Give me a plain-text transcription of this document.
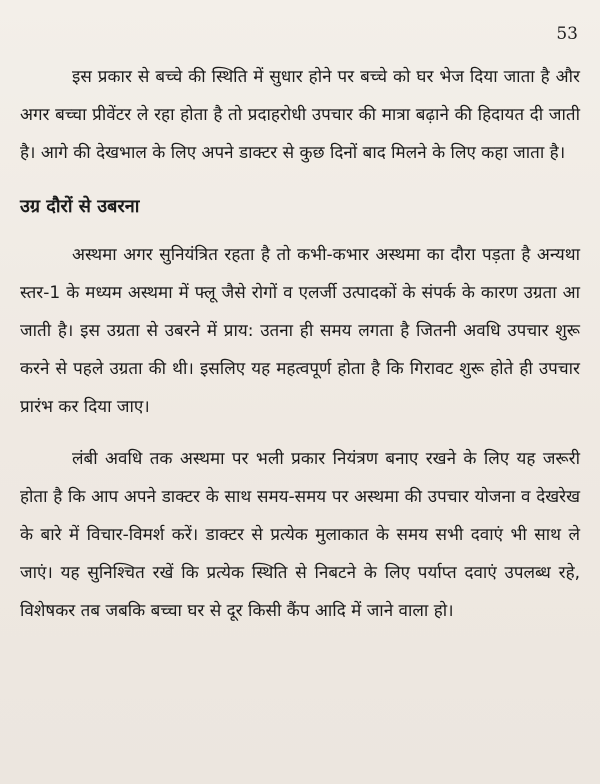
53

इस प्रकार से बच्चे की स्थिति में सुधार होने पर बच्चे को घर भेज दिया जाता है और अगर बच्चा प्रीवेंटर ले रहा होता है तो प्रदाहरोधी उपचार की मात्रा बढ़ाने की हिदायत दी जाती है। आगे की देखभाल के लिए अपने डाक्टर से कुछ दिनों बाद मिलने के लिए कहा जाता है।

उग्र दौरों से उबरना

अस्थमा अगर सुनियंत्रित रहता है तो कभी-कभार अस्थमा का दौरा पड़ता है अन्यथा स्तर-1 के मध्यम अस्थमा में फ्लू जैसे रोगों व एलर्जी उत्पादकों के संपर्क के कारण उग्रता आ जाती है। इस उग्रता से उबरने में प्राय: उतना ही समय लगता है जितनी अवधि उपचार शुरू करने से पहले उग्रता की थी। इसलिए यह महत्वपूर्ण होता है कि गिरावट शुरू होते ही उपचार प्रारंभ कर दिया जाए।

लंबी अवधि तक अस्थमा पर भली प्रकार नियंत्रण बनाए रखने के लिए यह जरूरी होता है कि आप अपने डाक्टर के साथ समय-समय पर अस्थमा की उपचार योजना व देखरेख के बारे में विचार-विमर्श करें। डाक्टर से प्रत्येक मुलाकात के समय सभी दवाएं भी साथ ले जाएं। यह सुनिश्चित रखें कि प्रत्येक स्थिति से निबटने के लिए पर्याप्त दवाएं उपलब्ध रहे, विशेषकर तब जबकि बच्चा घर से दूर किसी कैंप आदि में जाने वाला हो।
